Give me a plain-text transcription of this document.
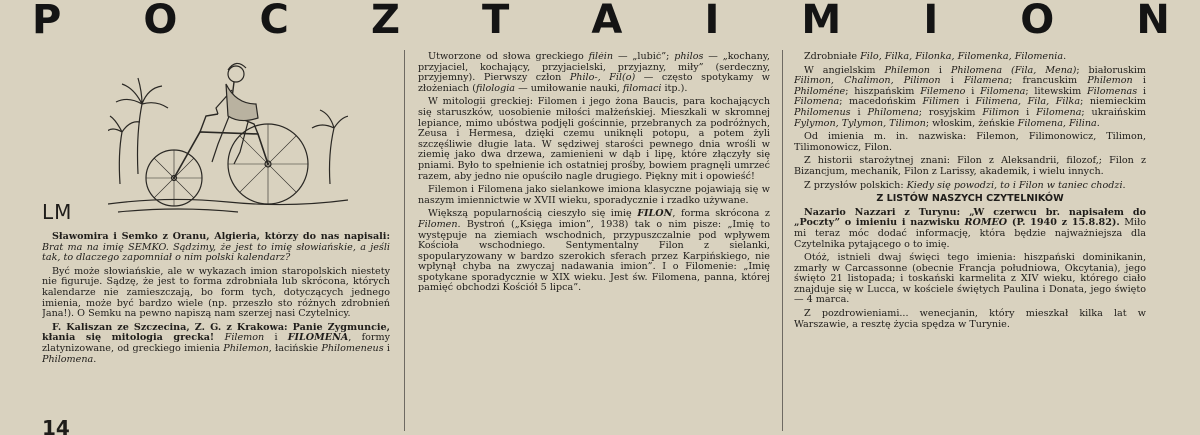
P O C Z T A I M I O N
LM

Sławomira i Semko z Oranu, Algieria, którzy do nas napisali: Brat ma na imię SEMKO. Sądzimy, że jest to imię słowiańskie, a jeśli tak, to dlaczego zapomniał o nim polski kalendarz?

Być może słowiańskie, ale w wykazach imion staropolskich niestety nie figuruje. Sądzę, że jest to forma zdrobniała lub skrócona, których kalendarze nie zamieszczają, bo form tych, dotyczących jednego imienia, może być bardzo wiele (np. przeszło sto różnych zdrobnień Jana!). O Semku na pewno napiszą nam szerzej nasi Czytelnicy.

F. Kaliszan ze Szczecina, Z. G. z Krakowa: Panie Zygmuncie, kłania się mitologia grecka! Filemon i FILOMENA, formy zlatynizowane, od greckiego imienia Philemon, łacińskie Philomeneus i Philomena.

Utworzone od słowa greckiego filéin — „lubić”; philos — „kochany, przyjaciel, kochający, przyjacielski, przyjazny, miły” (serdeczny, przyjemny). Pierwszy człon Philo-, Fil(o) — często spotykamy w złożeniach (filologia — umiłowanie nauki, filomaci itp.).

W mitologii greckiej: Filomen i jego żona Baucis, para kochających się staruszków, uosobienie miłości małżeńskiej. Mieszkali w skromnej lepiance, mimo ubóstwa podjęli gościnnie, przebranych za podróżnych, Zeusa i Hermesa, dzięki czemu uniknęli potopu, a potem żyli szczęśliwie długie lata. W sędziwej starości pewnego dnia wrośli w ziemię jako dwa drzewa, zamienieni w dąb i lipę, które złączyły się pniami. Było to spełnienie ich ostatniej prośby, bowiem pragnęli umrzeć razem, aby jedno nie opuściło nagle drugiego. Piękny mit i opowieść!

Filemon i Filomena jako sielankowe imiona klasyczne pojawiają się w naszym imiennictwie w XVII wieku, sporadycznie i rzadko używane.

Większą popularnością cieszyło się imię FILON, forma skrócona z Filomen. Bystroń („Księga imion”, 1938) tak o nim pisze: „Imię to występuje na ziemiach wschodnich, przypuszczalnie pod wpływem Kościoła wschodniego. Sentymentalny Filon z sielanki, spopularyzowany w bardzo szerokich sferach przez Karpińskiego, nie wpłynął chyba na zwyczaj nadawania imion”. I o Filomenie: „Imię spotykane sporadycznie w XIX wieku. Jest św. Filomena, panna, której pamięć obchodzi Kościół 5 lipca”.

Zdrobniałe Filo, Filka, Filonka, Filomenka, Filomenia.

W angielskim Philemon i Philomena (Fila, Mena); białoruskim Filimon, Chalimon, Pilimon i Filamena; francuskim Philemon i Philoméne; hiszpańskim Filemeno i Filomena; litewskim Filomenas i Filomena; macedońskim Filimen i Filimena, Fila, Filka; niemieckim Philomenus i Philomena; rosyjskim Filimon i Filomena; ukraińskim Fylymon, Tylymon, Tilimon; włoskim, żeńskie Filomena, Filina.

Od imienia m. in. nazwiska: Filemon, Filimonowicz, Tilimon, Tilimonowicz, Filon.

Z historii starożytnej znani: Filon z Aleksandrii, filozof,; Filon z Bizancjum, mechanik, Filon z Larissy, akademik, i wielu innych.

Z przysłów polskich: Kiedy się powodzi, to i Filon w taniec chodzi.

Z LISTÓW NASZYCH CZYTELNIKÓW

Nazario Nazzari z Turynu: „W czerwcu br. napisałem do „Poczty” o imieniu i nazwisku ROMEO (P. 1940 z 15.8.82). Miło mi teraz móc dodać informację, która będzie najważniejsza dla Czytelnika pytającego o to imię.

Otóż, istnieli dwaj święci tego imienia: hiszpański dominikanin, zmarły w Carcassonne (obecnie Francja południowa, Okcytania), jego święto 21 listopada; i toskański karmelita z XIV wieku, którego ciało znajduje się w Lucca, w kościele świętych Paulina i Donata, jego święto — 4 marca.

Z pozdrowieniami... wenecjanin, który mieszkał kilka lat w Warszawie, a resztę życia spędza w Turynie.

14
